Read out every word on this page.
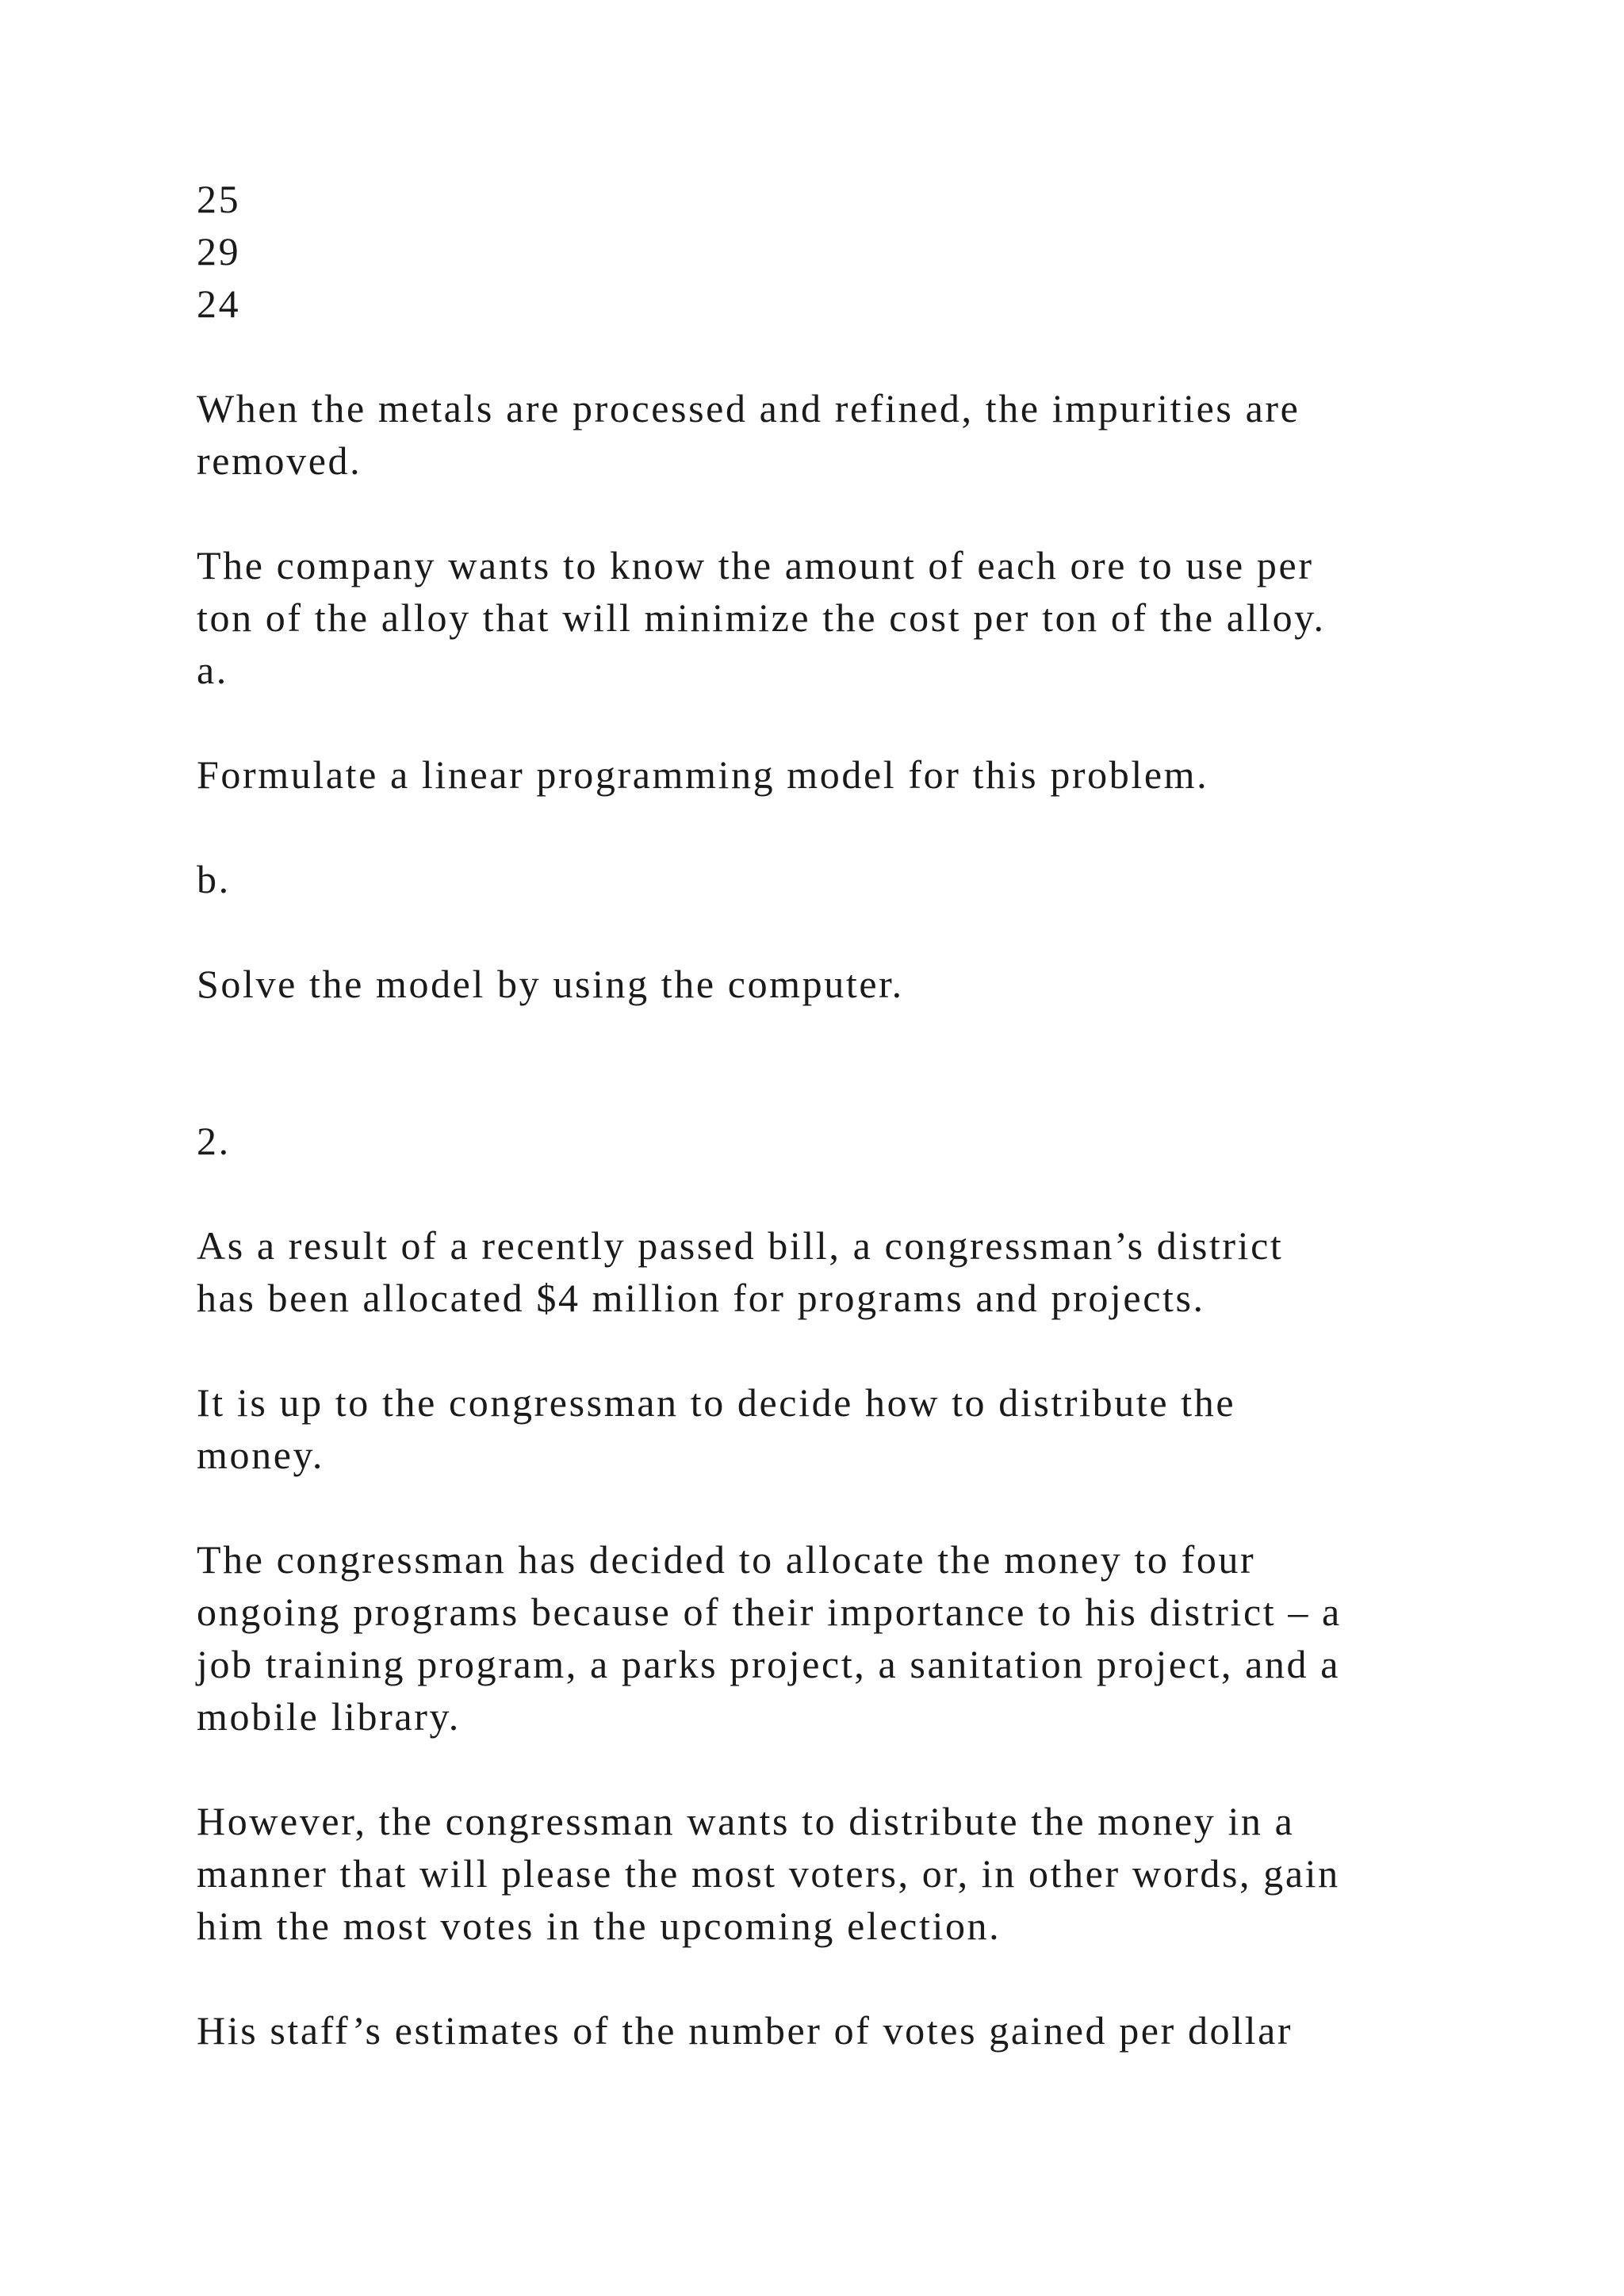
25
29
24
When the metals are processed and refined, the impurities are
removed.
The company wants to know the amount of each ore to use per
ton of the alloy that will minimize the cost per ton of the alloy.
a.
Formulate a linear programming model for this problem.
b.
Solve the model by using the computer.
2.
As a result of a recently passed bill, a congressman’s district
has been allocated $4 million for programs and projects.
It is up to the congressman to decide how to distribute the
money.
The congressman has decided to allocate the money to four
ongoing programs because of their importance to his district – a
job training program, a parks project, a sanitation project, and a
mobile library.
However, the congressman wants to distribute the money in a
manner that will please the most voters, or, in other words, gain
him the most votes in the upcoming election.
His staff’s estimates of the number of votes gained per dollar
